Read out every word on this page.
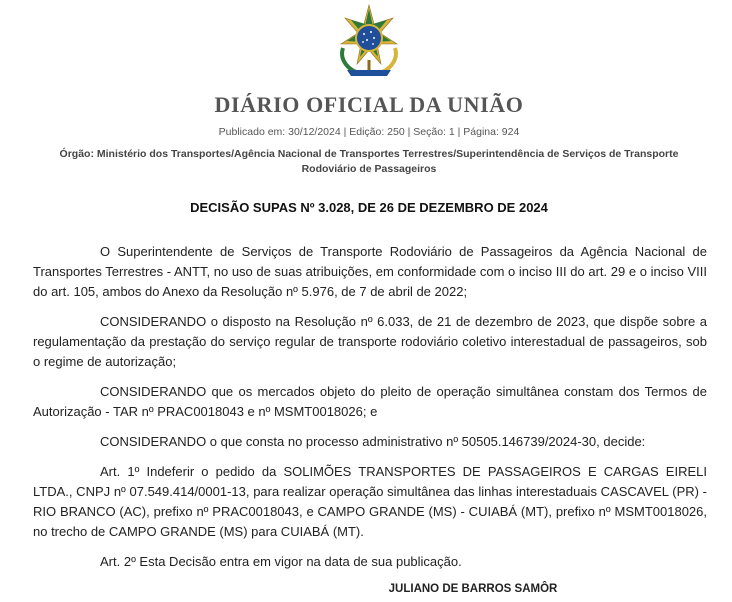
DIÁRIO OFICIAL DA UNIÃO
Publicado em: 30/12/2024 | Edição: 250 | Seção: 1 | Página: 924
Órgão: Ministério dos Transportes/Agência Nacional de Transportes Terrestres/Superintendência de Serviços de Transporte Rodoviário de Passageiros
DECISÃO SUPAS Nº 3.028, DE 26 DE DEZEMBRO DE 2024

O Superintendente de Serviços de Transporte Rodoviário de Passageiros da Agência Nacional de Transportes Terrestres - ANTT, no uso de suas atribuições, em conformidade com o inciso III do art. 29 e o inciso VIII do art. 105, ambos do Anexo da Resolução nº 5.976, de 7 de abril de 2022;

CONSIDERANDO o disposto na Resolução nº 6.033, de 21 de dezembro de 2023, que dispõe sobre a regulamentação da prestação do serviço regular de transporte rodoviário coletivo interestadual de passageiros, sob o regime de autorização;

CONSIDERANDO que os mercados objeto do pleito de operação simultânea constam dos Termos de Autorização - TAR nº PRAC0018043 e nº MSMT0018026; e

CONSIDERANDO o que consta no processo administrativo nº 50505.146739/2024-30, decide:

Art. 1º Indeferir o pedido da SOLIMÕES TRANSPORTES DE PASSAGEIROS E CARGAS EIRELI LTDA., CNPJ nº 07.549.414/0001-13, para realizar operação simultânea das linhas interestaduais CASCAVEL (PR) - RIO BRANCO (AC), prefixo nº PRAC0018043, e CAMPO GRANDE (MS) - CUIABÁ (MT), prefixo nº MSMT0018026, no trecho de CAMPO GRANDE (MS) para CUIABÁ (MT).

Art. 2º Esta Decisão entra em vigor na data de sua publicação.

JULIANO DE BARROS SAMÔR
